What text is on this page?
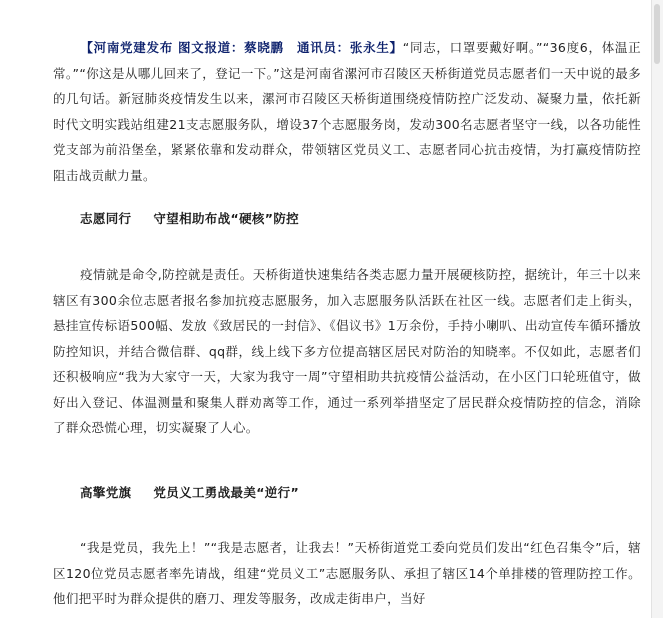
【河南党建发布 图文报道：蔡晓鹏　通讯员：张永生】“同志，口罩要戴好啊。”“36度6，体温正常。”“你这是从哪儿回来了，登记一下。”这是河南省漯河市召陵区天桥街道党员志愿者们一天中说的最多的几句话。新冠肺炎疫情发生以来，漯河市召陵区天桥街道围绕疫情防控广泛发动、凝聚力量，依托新时代文明实践站组建21支志愿服务队，增设37个志愿服务岗，发动300名志愿者坚守一线，以各功能性党支部为前沿堡垒，紧紧依靠和发动群众，带领辖区党员义工、志愿者同心抗击疫情，为打赢疫情防控阻击战贡献力量。

志愿同行 守望相助布战“硬核”防控

疫情就是命令,防控就是责任。天桥街道快速集结各类志愿力量开展硬核防控，据统计，年三十以来辖区有300余位志愿者报名参加抗疫志愿服务，加入志愿服务队活跃在社区一线。志愿者们走上街头，悬挂宣传标语500幅、发放《致居民的一封信》、《倡议书》1万余份，手持小喇叭、出动宣传车循环播放防控知识，并结合微信群、qq群，线上线下多方位提高辖区居民对防治的知晓率。不仅如此，志愿者们还积极响应“我为大家守一天，大家为我守一周”守望相助共抗疫情公益活动，在小区门口轮班值守，做好出入登记、体温测量和聚集人群劝离等工作，通过一系列举措坚定了居民群众疫情防控的信念，消除了群众恐慌心理，切实凝聚了人心。

高擎党旗 党员义工勇战最美“逆行”

“我是党员，我先上！”“我是志愿者，让我去！”天桥街道党工委向党员们发出“红色召集令”后，辖区120位党员志愿者率先请战，组建“党员义工”志愿服务队、承担了辖区14个单排楼的管理防控工作。他们把平时为群众提供的磨刀、理发等服务，改成走街串户，当好
